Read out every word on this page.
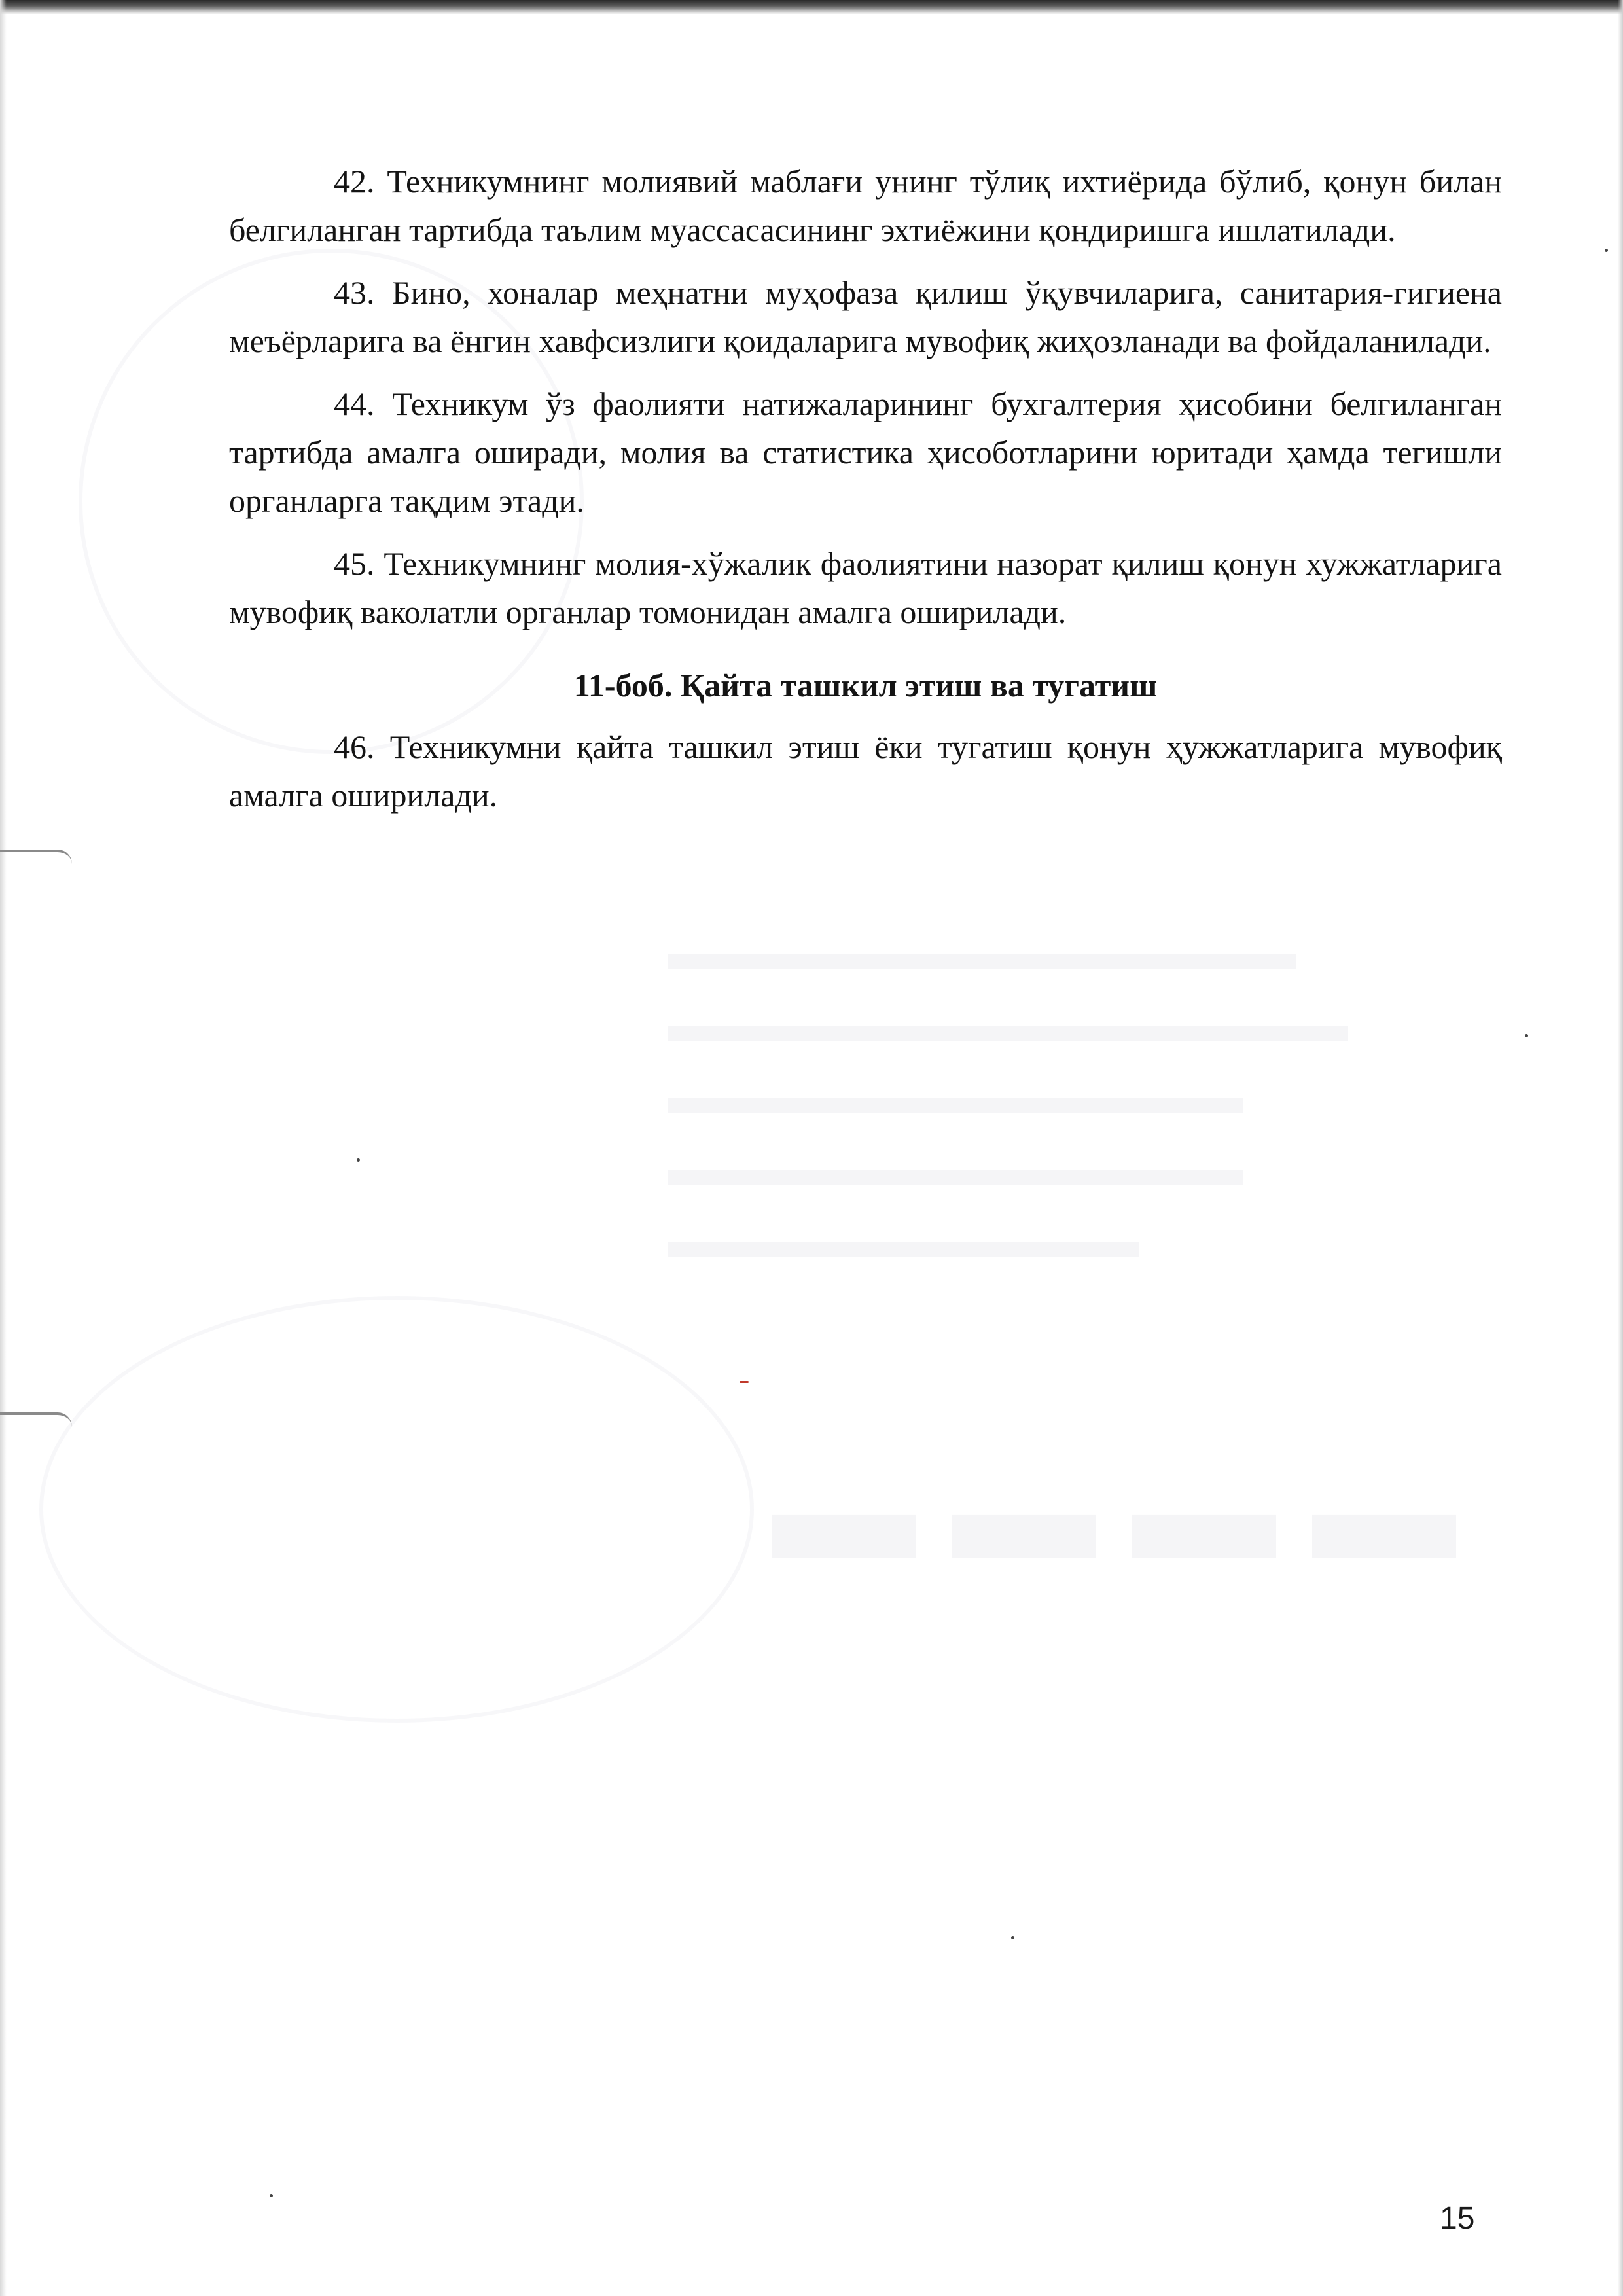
▬▬▬▬▬▬▬▬▬▬▬▬
▬▬▬▬▬▬▬▬▬▬▬▬▬
▬▬▬▬▬▬▬▬▬▬▬
▬▬▬▬▬▬▬▬▬▬▬
▬▬▬▬▬▬▬▬▬
▬ ▬ ▬ ▬

42. Техникумнинг молиявий маблағи унинг тўлиқ ихтиёрида бўлиб, қонун билан белгиланган тартибда таълим муассасасининг эхтиёжини қондиришга ишлатилади.

43. Бино, хоналар меҳнатни муҳофаза қилиш ўқувчиларига, санитария-гигиена меъёрларига ва ёнгин хавфсизлиги қоидаларига мувофиқ жиҳозланади ва фойдаланилади.

44. Техникум ўз фаолияти натижаларининг бухгалтерия ҳисобини белгиланган тартибда амалга оширади, молия ва статистика ҳисоботларини юритади ҳамда тегишли органларга тақдим этади.

45. Техникумнинг молия-хўжалик фаолиятини назорат қилиш қонун хужжатларига мувофиқ ваколатли органлар томонидан амалга оширилади.

11-боб. Қайта ташкил этиш ва тугатиш

46. Техникумни қайта ташкил этиш ёки тугатиш қонун ҳужжатларига мувофиқ амалга оширилади.

15
